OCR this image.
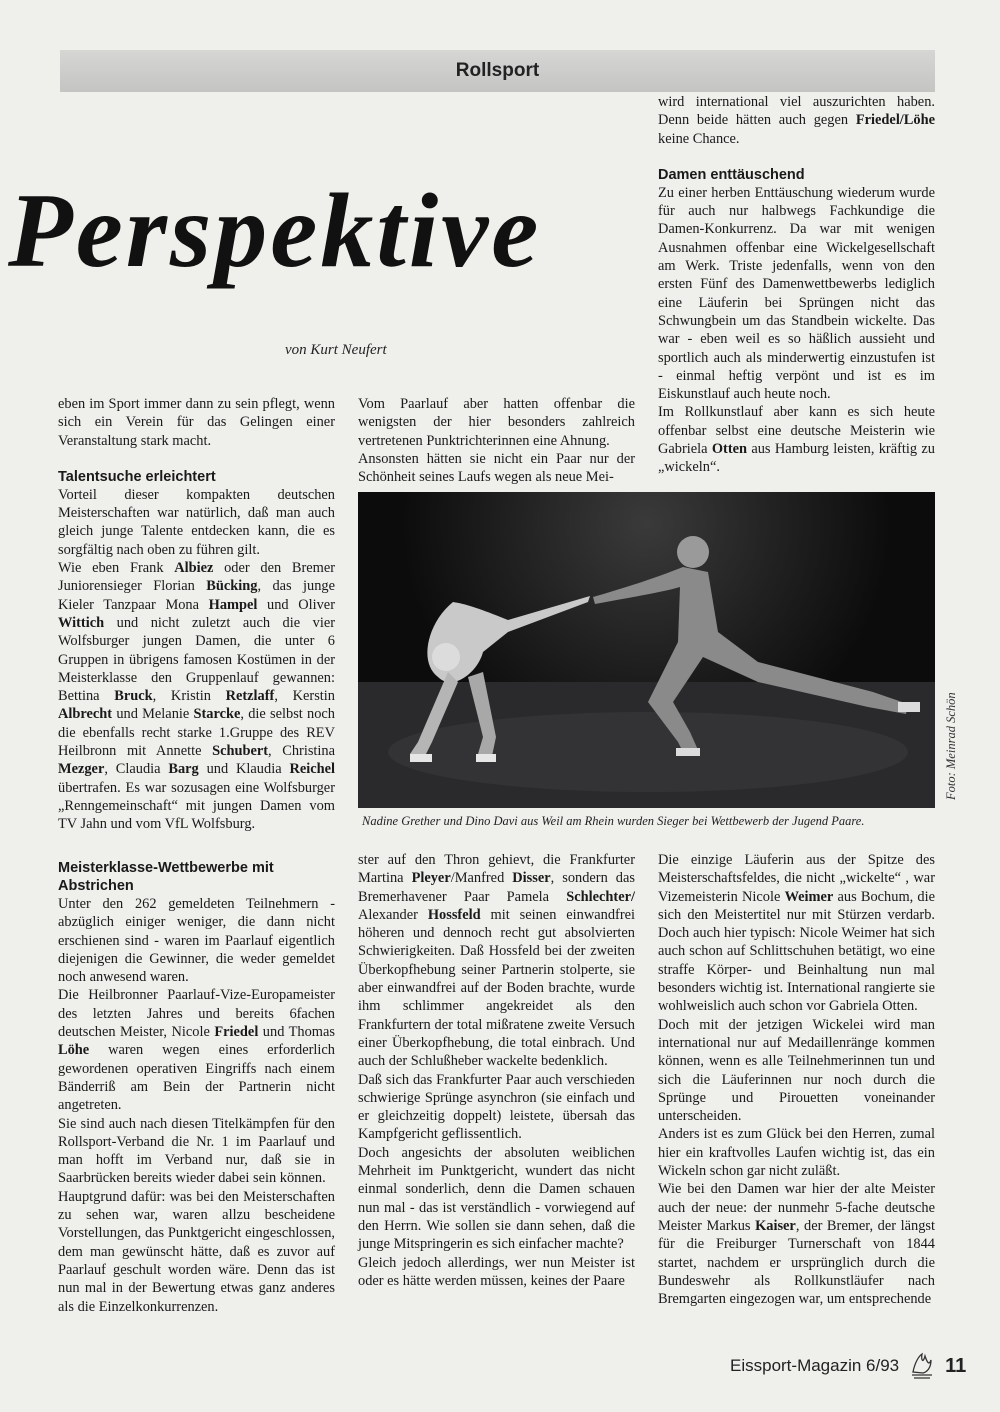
Rollsport
Perspektive
von Kurt Neufert

eben im Sport immer dann zu sein pflegt, wenn sich ein Verein für das Gelingen einer Veranstaltung stark macht.

Talentsuche erleichtert

Vorteil dieser kompakten deutschen Meisterschaften war natürlich, daß man auch gleich junge Talente entdecken kann, die es sorgfältig nach oben zu führen gilt.

Wie eben Frank Albiez oder den Bremer Juniorensieger Florian Bücking, das junge Kieler Tanzpaar Mona Hampel und Oliver Wittich und nicht zuletzt auch die vier Wolfsburger jungen Damen, die unter 6 Gruppen in übrigens famosen Kostümen in der Meisterklasse den Gruppenlauf gewannen: Bettina Bruck, Kristin Retzlaff, Kerstin Albrecht und Melanie Starcke, die selbst noch die ebenfalls recht starke 1.Gruppe des REV Heilbronn mit Annette Schubert, Christina Mezger, Claudia Barg und Klaudia Reichel übertrafen. Es war sozusagen eine Wolfsburger „Renngemeinschaft“ mit jungen Damen vom TV Jahn und vom VfL Wolfsburg.

Vom Paarlauf aber hatten offenbar die wenigsten der hier besonders zahlreich vertretenen Punktrichterinnen eine Ahnung.

Ansonsten hätten sie nicht ein Paar nur der Schönheit seines Laufs wegen als neue Mei-

wird international viel auszurichten haben. Denn beide hätten auch gegen Friedel/Löhe keine Chance.

Damen enttäuschend

Zu einer herben Enttäuschung wiederum wurde für auch nur halbwegs Fachkundige die Damen-Konkurrenz. Da war mit wenigen Ausnahmen offenbar eine Wickelgesellschaft am Werk. Triste jedenfalls, wenn von den ersten Fünf des Damenwettbewerbs lediglich eine Läuferin bei Sprüngen nicht das Schwungbein um das Standbein wickelte. Das war - eben weil es so häßlich aussieht und sportlich auch als minderwertig einzustufen ist - einmal heftig verpönt und ist es im Eiskunstlauf auch heute noch.

Im Rollkunstlauf aber kann es sich heute offenbar selbst eine deutsche Meisterin wie Gabriela Otten aus Hamburg leisten, kräftig zu „wickeln“.

Meisterklasse-Wettbewerbe mit Abstrichen

Unter den 262 gemeldeten Teilnehmern - abzüglich einiger weniger, die dann nicht erschienen sind - waren im Paarlauf eigentlich diejenigen die Gewinner, die weder gemeldet noch anwesend waren.

Die Heilbronner Paarlauf-Vize-Europameister des letzten Jahres und bereits 6fachen deutschen Meister, Nicole Friedel und Thomas Löhe waren wegen eines erforderlich gewordenen operativen Eingriffs nach einem Bänderriß am Bein der Partnerin nicht angetreten.

Sie sind auch nach diesen Titelkämpfen für den Rollsport-Verband die Nr. 1 im Paarlauf und man hofft im Verband nur, daß sie in Saarbrücken bereits wieder dabei sein können.

Hauptgrund dafür: was bei den Meisterschaften zu sehen war, waren allzu bescheidene Vorstellungen, das Punktgericht eingeschlossen, dem man gewünscht hätte, daß es zuvor auf Paarlauf geschult worden wäre. Denn das ist nun mal in der Bewertung etwas ganz anderes als die Einzelkonkurrenzen.

ster auf den Thron gehievt, die Frankfurter Martina Pleyer/Manfred Disser, sondern das Bremerhavener Paar Pamela Schlechter/ Alexander Hossfeld mit seinen einwandfrei höheren und dennoch recht gut absolvierten Schwierigkeiten. Daß Hossfeld bei der zweiten Überkopfhebung seiner Partnerin stolperte, sie aber einwandfrei auf der Boden brachte, wurde ihm schlimmer angekreidet als den Frankfurtern der total mißratene zweite Versuch einer Überkopfhebung, die total einbrach. Und auch der Schlußheber wackelte bedenklich.

Daß sich das Frankfurter Paar auch verschieden schwierige Sprünge asynchron (sie einfach und er gleichzeitig doppelt) leistete, übersah das Kampfgericht geflissentlich.

Doch angesichts der absoluten weiblichen Mehrheit im Punktgericht, wundert das nicht einmal sonderlich, denn die Damen schauen nun mal - das ist verständlich - vorwiegend auf den Herrn. Wie sollen sie dann sehen, daß die junge Mitspringerin es sich einfacher machte?

Gleich jedoch allerdings, wer nun Meister ist oder es hätte werden müssen, keines der Paare

Die einzige Läuferin aus der Spitze des Meisterschaftsfeldes, die nicht „wickelte“ , war Vizemeisterin Nicole Weimer aus Bochum, die sich den Meistertitel nur mit Stürzen verdarb. Doch auch hier typisch: Nicole Weimer hat sich auch schon auf Schlittschuhen betätigt, wo eine straffe Körper- und Beinhaltung nun mal besonders wichtig ist. International rangierte sie wohlweislich auch schon vor Gabriela Otten.

Doch mit der jetzigen Wickelei wird man international nur auf Medaillenränge kommen können, wenn es alle Teilnehmerinnen tun und sich die Läuferinnen nur noch durch die Sprünge und Pirouetten voneinander unterscheiden.

Anders ist es zum Glück bei den Herren, zumal hier ein kraftvolles Laufen wichtig ist, das ein Wickeln schon gar nicht zuläßt.

Wie bei den Damen war hier der alte Meister auch der neue: der nunmehr 5-fache deutsche Meister Markus Kaiser, der Bremer, der längst für die Freiburger Turnerschaft von 1844 startet, nachdem er ursprünglich durch die Bundeswehr als Rollkunstläufer nach Bremgarten eingezogen war, um entsprechende

Nadine Grether und Dino Davi aus Weil am Rhein wurden Sieger bei Wettbewerb der Jugend Paare.
Foto: Meinrad Schön
Eissport-Magazin 6/93 11
